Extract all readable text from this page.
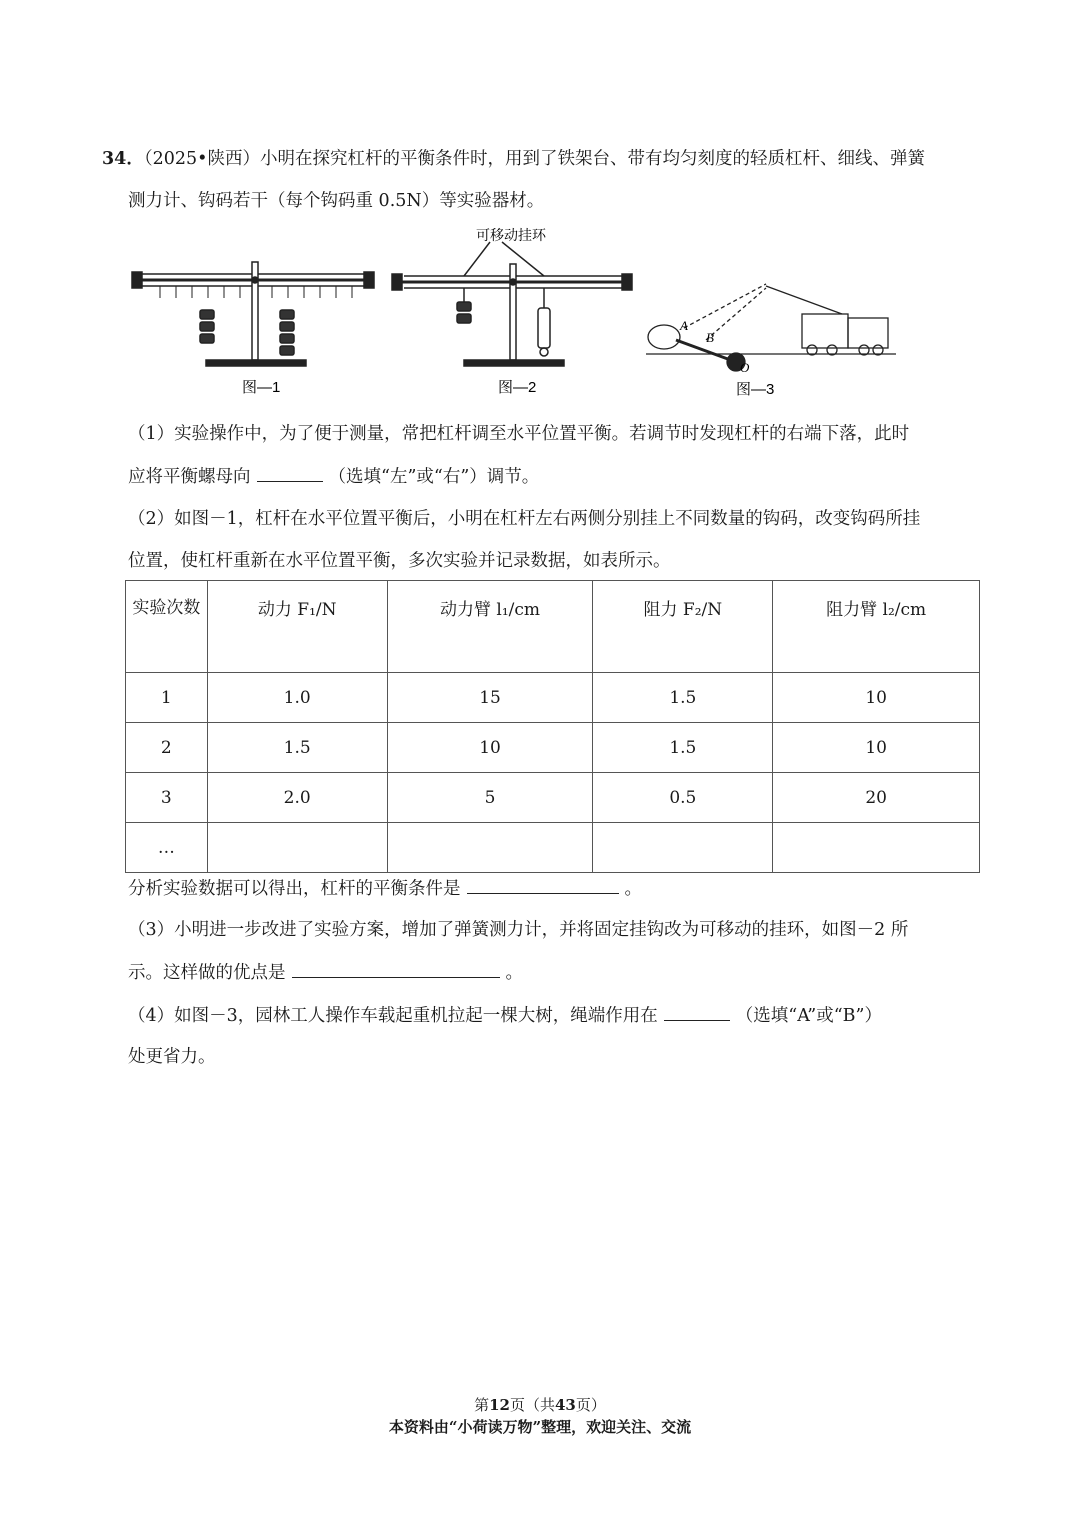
34．（2025•陕西）小明在探究杠杆的平衡条件时，用到了铁架台、带有均匀刻度的轻质杠杆、细线、弹簧
测力计、钩码若干（每个钩码重 0.5N）等实验器材。
可移动挂环
A
B
O
图—1	图—2	图—3
（1）实验操作中，为了便于测量，常把杠杆调至水平位置平衡。若调节时发现杠杆的右端下落，此时
应将平衡螺母向	（选填“左”或“右”）调节。
（2）如图－1，杠杆在水平位置平衡后，小明在杠杆左右两侧分别挂上不同数量的钩码，改变钩码所挂
位置，使杠杆重新在水平位置平衡，多次实验并记录数据，如表所示。
实验次数	动力 F₁/N	动力臂 l₁/cm	阻力 F₂/N	阻力臂 l₂/cm
1	1.0	15	1.5	10
2	1.5	10	1.5	10
3	2.0	5	0.5	20
…				
分析实验数据可以得出，杠杆的平衡条件是	。
（3）小明进一步改进了实验方案，增加了弹簧测力计，并将固定挂钩改为可移动的挂环，如图－2 所
示。这样做的优点是	。
（4）如图－3，园林工人操作车载起重机拉起一棵大树，绳端作用在	（选填“A”或“B”）
处更省力。
第12页（共43页）
本资料由“小荷读万物”整理，欢迎关注、交流
